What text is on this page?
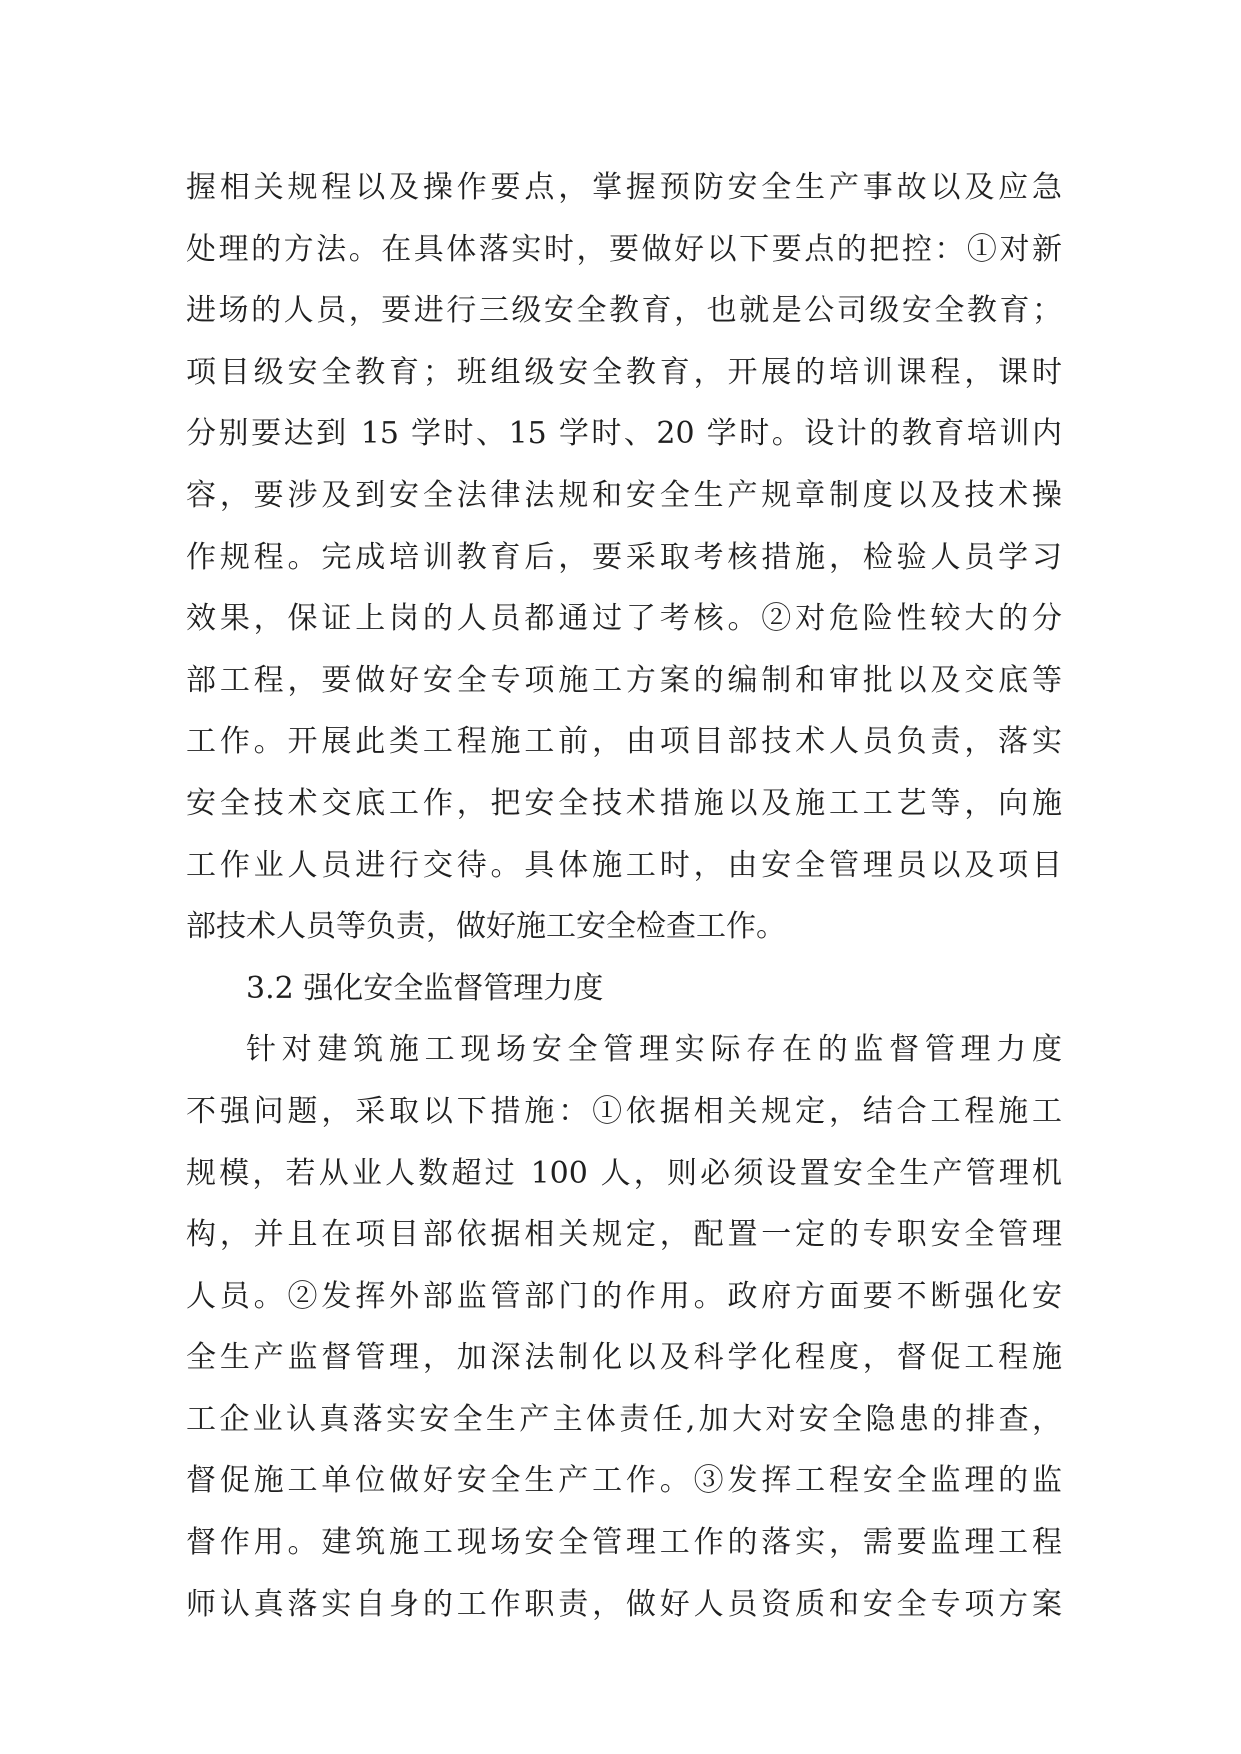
握相关规程以及操作要点，掌握预防安全生产事故以及应急
处理的方法。在具体落实时，要做好以下要点的把控：①对新
进场的人员，要进行三级安全教育，也就是公司级安全教育；
项目级安全教育；班组级安全教育，开展的培训课程，课时
分别要达到 15 学时、15 学时、20 学时。设计的教育培训内
容，要涉及到安全法律法规和安全生产规章制度以及技术操
作规程。完成培训教育后，要采取考核措施，检验人员学习
效果，保证上岗的人员都通过了考核。②对危险性较大的分
部工程，要做好安全专项施工方案的编制和审批以及交底等
工作。开展此类工程施工前，由项目部技术人员负责，落实
安全技术交底工作，把安全技术措施以及施工工艺等，向施
工作业人员进行交待。具体施工时，由安全管理员以及项目
部技术人员等负责，做好施工安全检查工作。
3.2 强化安全监督管理力度
针对建筑施工现场安全管理实际存在的监督管理力度
不强问题，采取以下措施：①依据相关规定，结合工程施工
规模，若从业人数超过 100 人，则必须设置安全生产管理机
构，并且在项目部依据相关规定，配置一定的专职安全管理
人员。②发挥外部监管部门的作用。政府方面要不断强化安
全生产监督管理，加深法制化以及科学化程度，督促工程施
工企业认真落实安全生产主体责任,加大对安全隐患的排查，
督促施工单位做好安全生产工作。③发挥工程安全监理的监
督作用。建筑施工现场安全管理工作的落实，需要监理工程
师认真落实自身的工作职责，做好人员资质和安全专项方案
